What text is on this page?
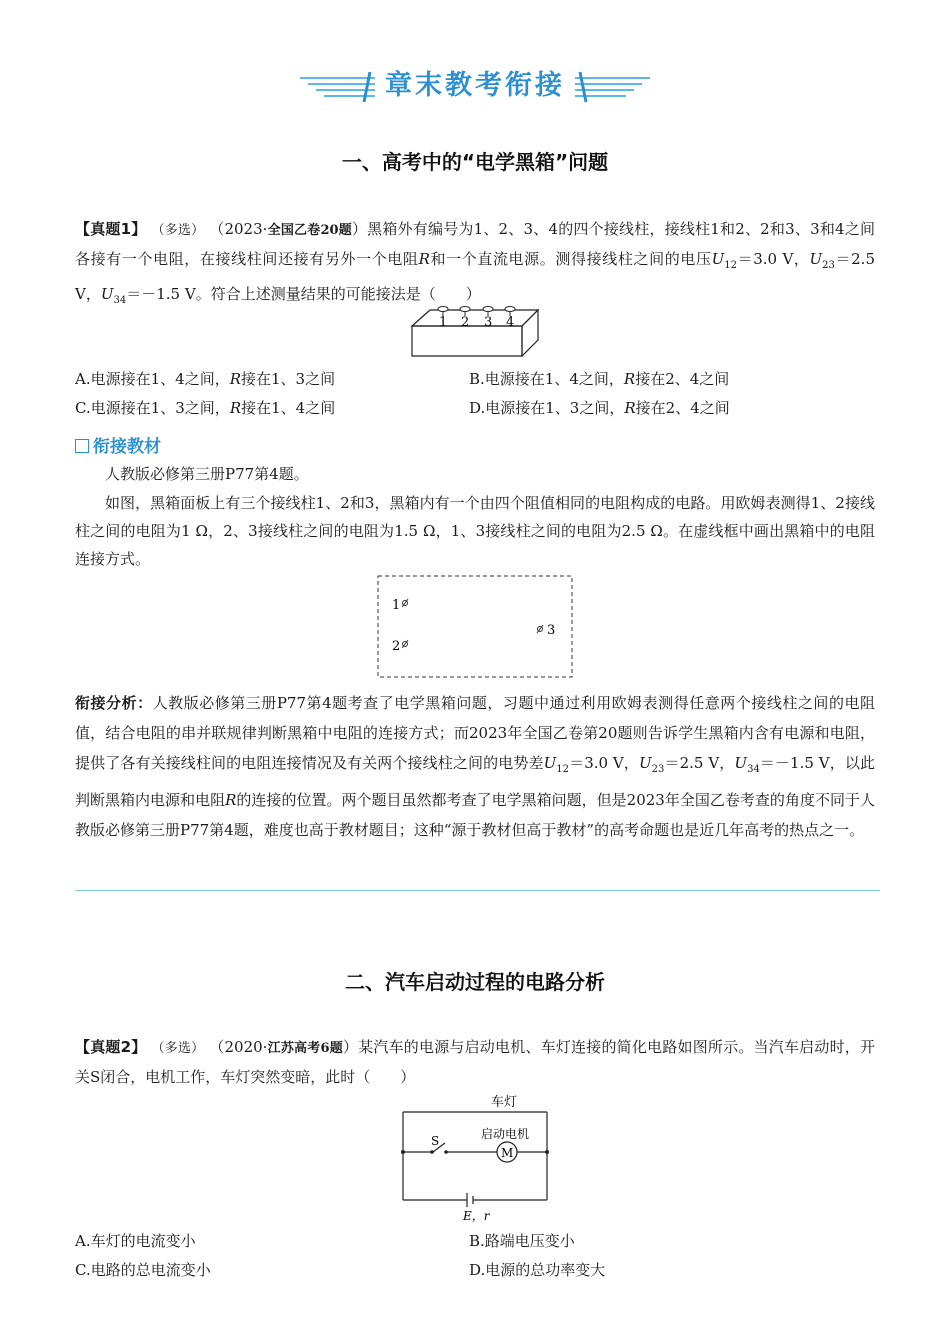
章末教考衔接
一、高考中的“电学黑箱”问题
【真题1】 （多选） （2023·全国乙卷20题）黑箱外有编号为1、2、3、4的四个接线柱，接线柱1和2、2和3、3和4之间各接有一个电阻，在接线柱间还接有另外一个电阻R和一个直流电源。测得接线柱之间的电压$U_{12}=3.0$ V，$U_{23}=2.5$ V，$U_{34}=-1.5$ V。符合上述测量结果的可能接法是（　　）
1 2 3 4
A.电源接在1、4之间，R接在1、3之间	B.电源接在1、4之间，R接在2、4之间
C.电源接在1、3之间，R接在1、4之间	D.电源接在1、3之间，R接在2、4之间
衔接教材
人教版必修第三册P77第4题。
如图，黑箱面板上有三个接线柱1、2和3，黑箱内有一个由四个阻值相同的电阻构成的电路。用欧姆表测得1、2接线柱之间的电阻为1 Ω，2、3接线柱之间的电阻为1.5 Ω，1、3接线柱之间的电阻为2.5 Ω。在虚线框中画出黑箱中的电阻连接方式。
1
2
3
衔接分析：人教版必修第三册P77第4题考查了电学黑箱问题，习题中通过利用欧姆表测得任意两个接线柱之间的电阻值，结合电阻的串并联规律判断黑箱中电阻的连接方式；而2023年全国乙卷第20题则告诉学生黑箱内含有电源和电阻，提供了各有关接线柱间的电阻连接情况及有关两个接线柱之间的电势差$U_{12}=3.0$ V，$U_{23}=2.5$ V，$U_{34}=-1.5$ V，以此判断黑箱内电源和电阻R的连接的位置。两个题目虽然都考查了电学黑箱问题，但是2023年全国乙卷考查的角度不同于人教版必修第三册P77第4题，难度也高于教材题目；这种“源于教材但高于教材”的高考命题也是近几年高考的热点之一。
二、汽车启动过程的电路分析
【真题2】 （多选） （2020·江苏高考6题）某汽车的电源与启动电机、车灯连接的简化电路如图所示。当汽车启动时，开关S闭合，电机工作，车灯突然变暗，此时（　　）
车灯
S	启动电机
M
E，r
A.车灯的电流变小	B.路端电压变小
C.电路的总电流变小	D.电源的总功率变大
